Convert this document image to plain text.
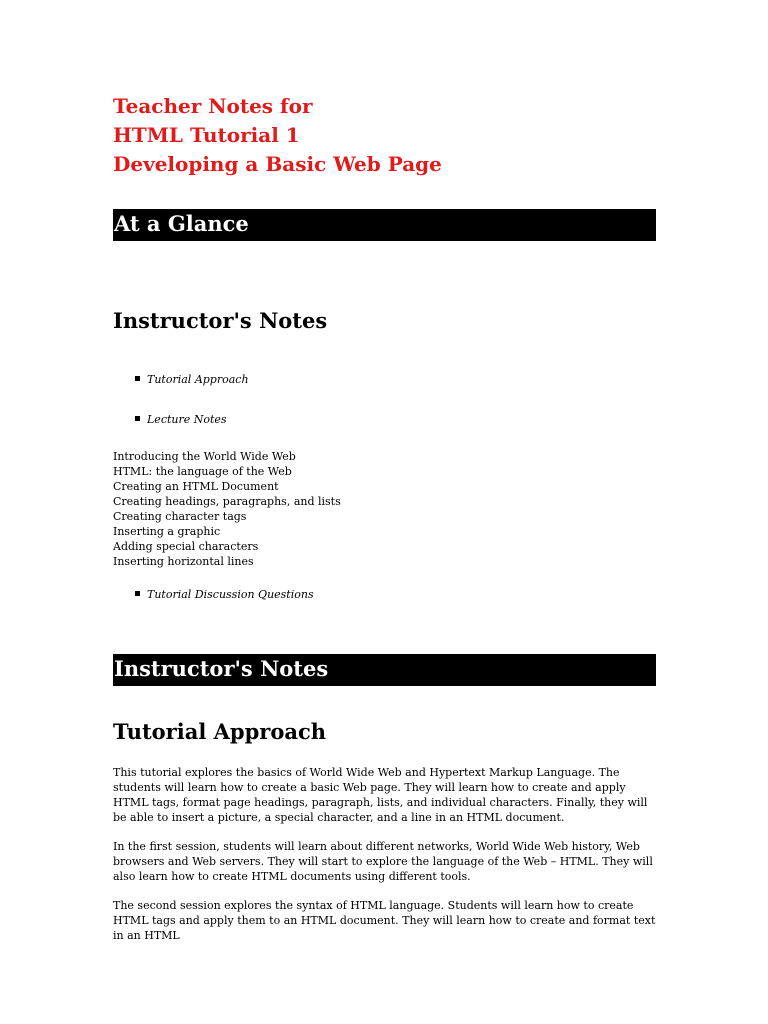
Teacher Notes for
HTML Tutorial 1
Developing a Basic Web Page
At a Glance
Instructor's Notes
Tutorial Approach
Lecture Notes
Introducing the World Wide Web
HTML: the language of the Web
Creating an HTML Document
Creating headings, paragraphs, and lists
Creating character tags
Inserting a graphic
Adding special characters
Inserting horizontal lines
Tutorial Discussion Questions
Instructor's Notes
Tutorial Approach

This tutorial explores the basics of World Wide Web and Hypertext Markup Language. The students will learn how to create a basic Web page. They will learn how to create and apply HTML tags, format page headings, paragraph, lists, and individual characters. Finally, they will be able to insert a picture, a special character, and a line in an HTML document.

In the first session, students will learn about different networks, World Wide Web history, Web browsers and Web servers. They will start to explore the language of the Web – HTML. They will also learn how to create HTML documents using different tools.

The second session explores the syntax of HTML language. Students will learn how to create HTML tags and apply them to an HTML document. They will learn how to create and format text in an HTML
